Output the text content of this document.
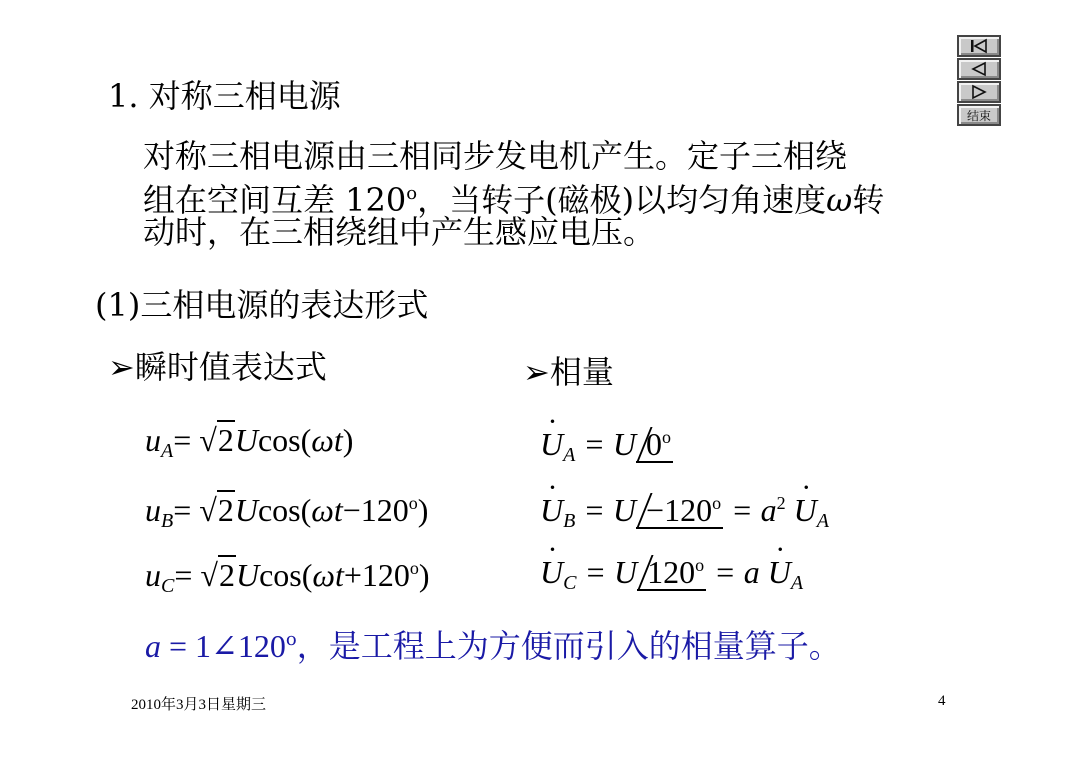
结束
1. 对称三相电源
对称三相电源由三相同步发电机产生。定子三相绕
组在空间互差 120$^o$，当转子(磁极)以均匀角速度ω转
动时，在三相绕组中产生感应电压。
(1)三相电源的表达形式
➢瞬时值表达式	➢相量
$u_A= √2Ucos(\omega t)$
$u_B= √2Ucos(\omega t-120^o)$
$u_C= √2Ucos(\omega t+120^o)$
$U \cdot_A = U$ 0$^o$
$U \cdot_B = U -120^o = a^2$ $U \cdot_A$
$U \cdot_C = U$ $120^o = a$ $U \cdot_A$
$a = 1\angle 120^o$，是工程上为方便而引入的相量算子。
2010年3月3日星期三	4
